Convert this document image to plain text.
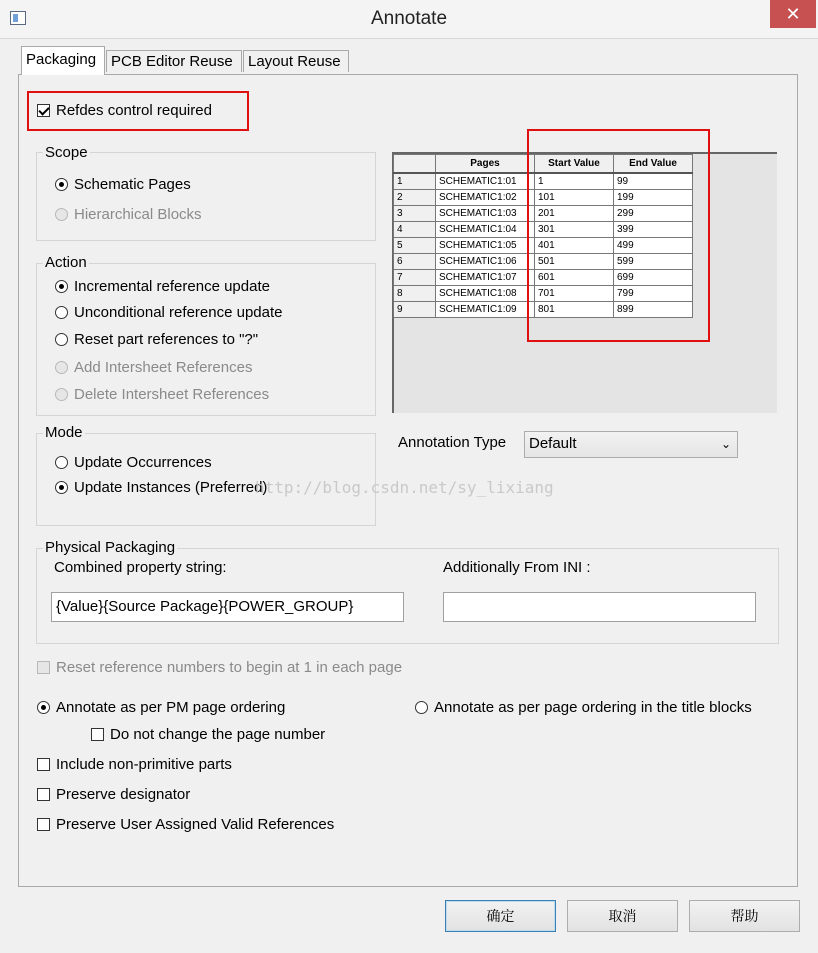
Annotate	✕
Packaging PCB Editor Reuse	Layout Reuse
Refdes control required
Scope
Schematic Pages
Hierarchical Blocks
Action
Incremental reference update
Unconditional reference update
Reset part references to "?"
Add Intersheet References
Delete Intersheet References
Mode
Update Occurrences
Update Instances (Preferred)
	Pages	Start Value	End Value
1	SCHEMATIC1:01	1	99
2	SCHEMATIC1:02	101	199
3	SCHEMATIC1:03	201	299
4	SCHEMATIC1:04	301	399
5	SCHEMATIC1:05	401	499
6	SCHEMATIC1:06	501	599
7	SCHEMATIC1:07	601	699
8	SCHEMATIC1:08	701	799
9	SCHEMATIC1:09	801	899
Annotation Type	Default	⌄
http://blog.csdn.net/sy_lixiang
Physical Packaging
Combined property string:	Additionally From INI :
{Value}{Source Package}{POWER_GROUP}
Reset reference numbers to begin at 1 in each page
Annotate as per PM page ordering	Annotate as per page ordering in the title blocks
Do not change the page number
Include non-primitive parts
Preserve designator
Preserve User Assigned Valid References
确定	取消	帮助
